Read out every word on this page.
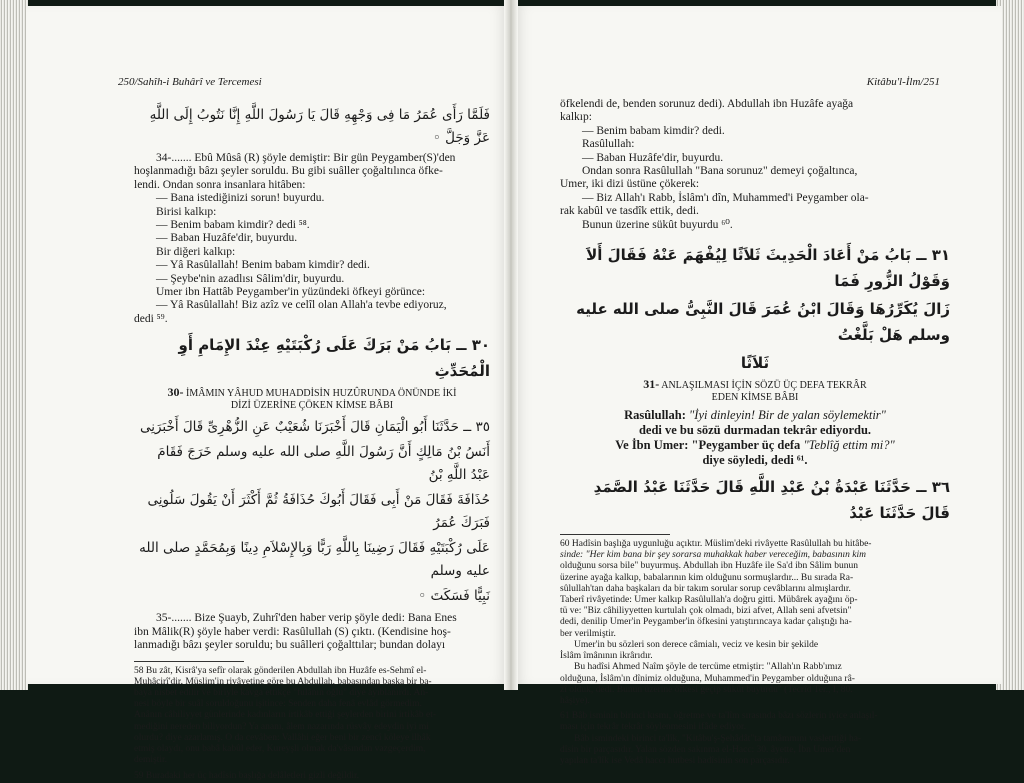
250/Sahîh-i Buhârî ve Tercemesi

فَلَمَّا رَأَى عُمَرُ مَا فِى وَجْهِهِ قَالَ يَا رَسُولَ اللَّهِ إِنَّا نَتُوبُ إِلَى اللَّهِ عَزَّ وَجَلَّ ◦

34-....... Ebû Mûsâ (R) şöyle demiştir: Bir gün Peygamber(S)'den

hoşlanmadığı bâzı şeyler soruldu. Bu gibi suâller çoğaltılınca öfke-

lendi. Ondan sonra insanlara hitâben:

— Bana istediğinizi sorun! buyurdu.

Birisi kalkıp:

— Benim babam kimdir? dedi ⁵⁸.

— Baban Huzâfe'dir, buyurdu.

Bir diğeri kalkıp:

— Yâ Rasûlallah! Benim babam kimdir? dedi.

— Şeybe'nin azadlısı Sâlim'dir, buyurdu.

Umer ibn Hattâb Peygamber'in yüzündeki öfkeyi görünce:

— Yâ Rasûlallah! Biz azîz ve celîl olan Allah'a tevbe ediyoruz,

dedi ⁵⁹.

٣٠ ــ بَابُ مَنْ بَرَكَ عَلَى رُكْبَتَيْهِ عِنْدَ الإِمَامِ أَوِ الْمُحَدِّثِ

30- İMÂMIN YÂHUD MUHADDİSİN HUZÛRUNDA ÖNÜNDE İKİ
DİZİ ÜZERİNE ÇÖKEN KİMSE BÂBI

٣٥ ــ حَدَّثَنَا أَبُو الْيَمَانِ قَالَ أَخْبَرَنَا شُعَيْبٌ عَنِ الزُّهْرِىِّ قَالَ أَخْبَرَنِى

أَنَسُ بْنُ مَالِكٍ أَنَّ رَسُولَ اللَّهِ صلى الله عليه وسلم خَرَجَ فَقَامَ عَبْدُ اللَّهِ بْنُ

حُذَافَةَ فَقَالَ مَنْ أَبِى فَقَالَ أَبُوكَ حُذَافَةُ ثُمَّ أَكْثَرَ أَنْ يَقُولَ سَلُونِى فَبَرَكَ عُمَرُ

عَلَى رُكْبَتَيْهِ فَقَالَ رَضِينَا بِاللَّهِ رَبًّا وَبِالإِسْلاَمِ دِينًا وَبِمُحَمَّدٍ صلى الله عليه وسلم

نَبِيًّا فَسَكَتَ ◦

35-....... Bize Şuayb, Zuhrî'den haber verip şöyle dedi: Bana Enes

ibn Mâlik(R) şöyle haber verdi: Rasûlullah (S) çıktı. (Kendisine hoş-

lanmadığı bâzı şeyler soruldu; bu suâlleri çoğalttılar; bundan dolayı

58 Bu zât, Kisrâ'ya sefîr olarak gönderilen Abdullah ibn Huzâfe es-Sehmî el-

Muhâcirî'dir. Müslim'in rivâyetine göre bu Abdullah, babasından başka bir ba-

baya nisbet edilir ve biriyle kavga ettikçe "fulânın oğlu" diye ayıblanırdı. An-

nesi böyle bir suâl soruldoğunu işitince: Senden daha fenâ evlâd görmedim.

Anânın câhiliyyet günlerinde kadınların irtikâb ettiği şeylerden birini irtikâb et-

mediğini nereden biliyordun? Ya ananı, âlem nazarında rüsvây edeydin iyi mi

olurdu? diye azarlamış. O da cevâben: Vallâhi eğer beni bir zencî köleye ilhâk

etmiş olaydı, onu babâ kabûl eder, Kureyşli olmak da'vâsından vazgeçerdim,

demiştir.

59 Buradaki her üç hadîsin başlığa delâletleri gizli değildir.

Kitâbu'l-İlm/251

öfkelendi de, benden sorunuz dedi). Abdullah ibn Huzâfe ayağa

kalkıp:

— Benim babam kimdir? dedi.

Rasûlullah:

— Baban Huzâfe'dir, buyurdu.

Ondan sonra Rasûlullah "Bana sorunuz" demeyi çoğaltınca,

Umer, iki dizi üstüne çökerek:

— Biz Allah'ı Rabb, İslâm'ı dîn, Muhammed'i Peygamber ola-

rak kabûl ve tasdîk ettik, dedi.

Bunun üzerine sükût buyurdu ⁶⁰.

٣١ ــ بَابُ مَنْ أَعَادَ الْحَدِيثَ ثَلاَثًا لِيُفْهَمَ عَنْهُ فَقَالَ أَلاَ وَقَوْلُ الزُّورِ فَمَا

زَالَ يُكَرِّرُهَا وَقَالَ ابْنُ عُمَرَ قَالَ النَّبِىُّ صلى الله عليه وسلم هَلْ بَلَّغْتُ

ثَلاَثًا

31- ANLAŞILMASI İÇİN SÖZÜ ÜÇ DEFA TEKRÂR
EDEN KİMSE BÂBI
Rasûlullah: "İyi dinleyin! Bir de yalan söylemektir"
dedi ve bu sözü durmadan tekrâr ediyordu.
Ve İbn Umer: "Peygamber üç defa "Teblîğ ettim mi?"
diye söyledi, dedi ⁶¹.

٣٦ ــ حَدَّثَنَا عَبْدَةُ بْنُ عَبْدِ اللَّهِ قَالَ حَدَّثَنَا عَبْدُ الصَّمَدِ قَالَ حَدَّثَنَا عَبْدُ

60 Hadîsin başlığa uygunluğu açıktır. Müslim'deki rivâyette Rasûlullah bu hitâbe-

sinde: "Her kim bana bir şey sorarsa muhakkak haber vereceğim, babasının kim

olduğunu sorsa bile" buyurmuş. Abdullah ibn Huzâfe ile Sa'd ibn Sâlim bunun

üzerine ayağa kalkıp, babalarının kim olduğunu sormuşlardır... Bu sırada Ra-

sûlullah'tan daha başkaları da bir takım sorular sorup cevâblarını almışlardır.

Taberî rivâyetinde: Umer kalkıp Rasûlullah'a doğru gitti. Mübârek ayağını öp-

tü ve: "Biz câhiliyyetten kurtulalı çok olmadı, bizi afvet, Allah seni afvetsin"

dedi, denilip Umer'in Peygamber'in öfkesini yatıştırıncaya kadar çalıştığı ha-

ber verilmiştir.

Umer'in bu sözleri son derece câmialı, veciz ve kesin bir şekilde

İslâm îmânının ikrârıdır.

Bu hadîsi Ahmed Naîm şöyle de tercüme etmiştir: "Allah'ın Rabb'ımız

olduğuna, İslâm'ın dînimiz olduğuna, Muhammed'in Peygamber olduğuna râ-

zî olduk, dedi. Bunun üzerine öfkesi geçip sükût buyurdu" (Tecrîd Ter., I, 80.

hâşiye).

61 Bâb isminin birinci kısmı, öğretme ve ta'lîm sırasında bâzı sözlerin iyice anlaşıl-

ması için tekrâr tekrâr söylenmesini ifâde ediyor.

Bâb ismindeki birinci ta'lîk, "Kitâbu'ş-Şehâdât"ta tamâmmını vasletttiği ha-

dîsin bir parçasıdır. Yalan sözden sakınma el-Hacc: 30. âyette, İbn Umer'den

yapılan ta'lîk ise Vedâ haccı hutbesi hadîsinin son parçasıdır.
